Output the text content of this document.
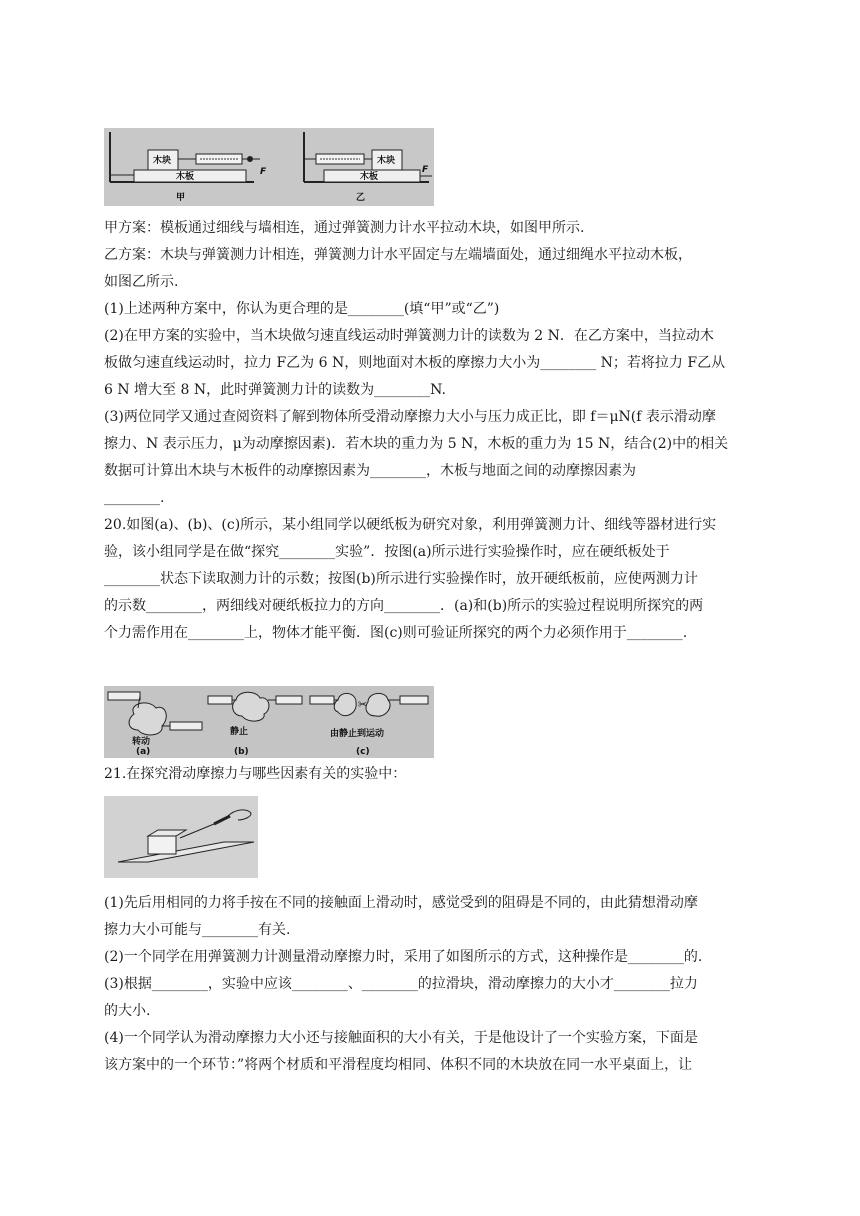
木板
木块
F
甲
木板
木块
F
乙
甲方案：模板通过细线与墙相连，通过弹簧测力计水平拉动木块，如图甲所示.
乙方案：木块与弹簧测力计相连，弹簧测力计水平固定与左端墙面处，通过细绳水平拉动木板，
如图乙所示.
(1)上述两种方案中，你认为更合理的是________(填“甲”或“乙”)
(2)在甲方案的实验中，当木块做匀速直线运动时弹簧测力计的读数为 2 N．在乙方案中，当拉动木
板做匀速直线运动时，拉力 F乙为 6 N，则地面对木板的摩擦力大小为________ N；若将拉力 F乙从
6 N 增大至 8 N，此时弹簧测力计的读数为________N.
(3)两位同学又通过查阅资料了解到物体所受滑动摩擦力大小与压力成正比，即 f＝μN(f 表示滑动摩
擦力、N 表示压力，μ为动摩擦因素)．若木块的重力为 5 N，木板的重力为 15 N，结合(2)中的相关
数据可计算出木块与木板件的动摩擦因素为________，木板与地面之间的动摩擦因素为
________.
20.如图(a)、(b)、(c)所示，某小组同学以硬纸板为研究对象，利用弹簧测力计、细线等器材进行实
验，该小组同学是在做“探究________实验”．按图(a)所示进行实验操作时，应在硬纸板处于
________状态下读取测力计的示数；按图(b)所示进行实验操作时，放开硬纸板前，应使两测力计
的示数________，两细线对硬纸板拉力的方向________．(a)和(b)所示的实验过程说明所探究的两
个力需作用在________上，物体才能平衡．图(c)则可验证所探究的两个力必须作用于________.
转动
(a)
静止
(b)
✂
由静止到运动
(c)
21.在探究滑动摩擦力与哪些因素有关的实验中：
(1)先后用相同的力将手按在不同的接触面上滑动时，感觉受到的阻碍是不同的，由此猜想滑动摩
擦力大小可能与________有关.
(2)一个同学在用弹簧测力计测量滑动摩擦力时，采用了如图所示的方式，这种操作是________的.
(3)根据________，实验中应该________、________的拉滑块，滑动摩擦力的大小才________拉力
的大小.
(4)一个同学认为滑动摩擦力大小还与接触面积的大小有关，于是他设计了一个实验方案，下面是
该方案中的一个环节：”将两个材质和平滑程度均相同、体积不同的木块放在同一水平桌面上，让
